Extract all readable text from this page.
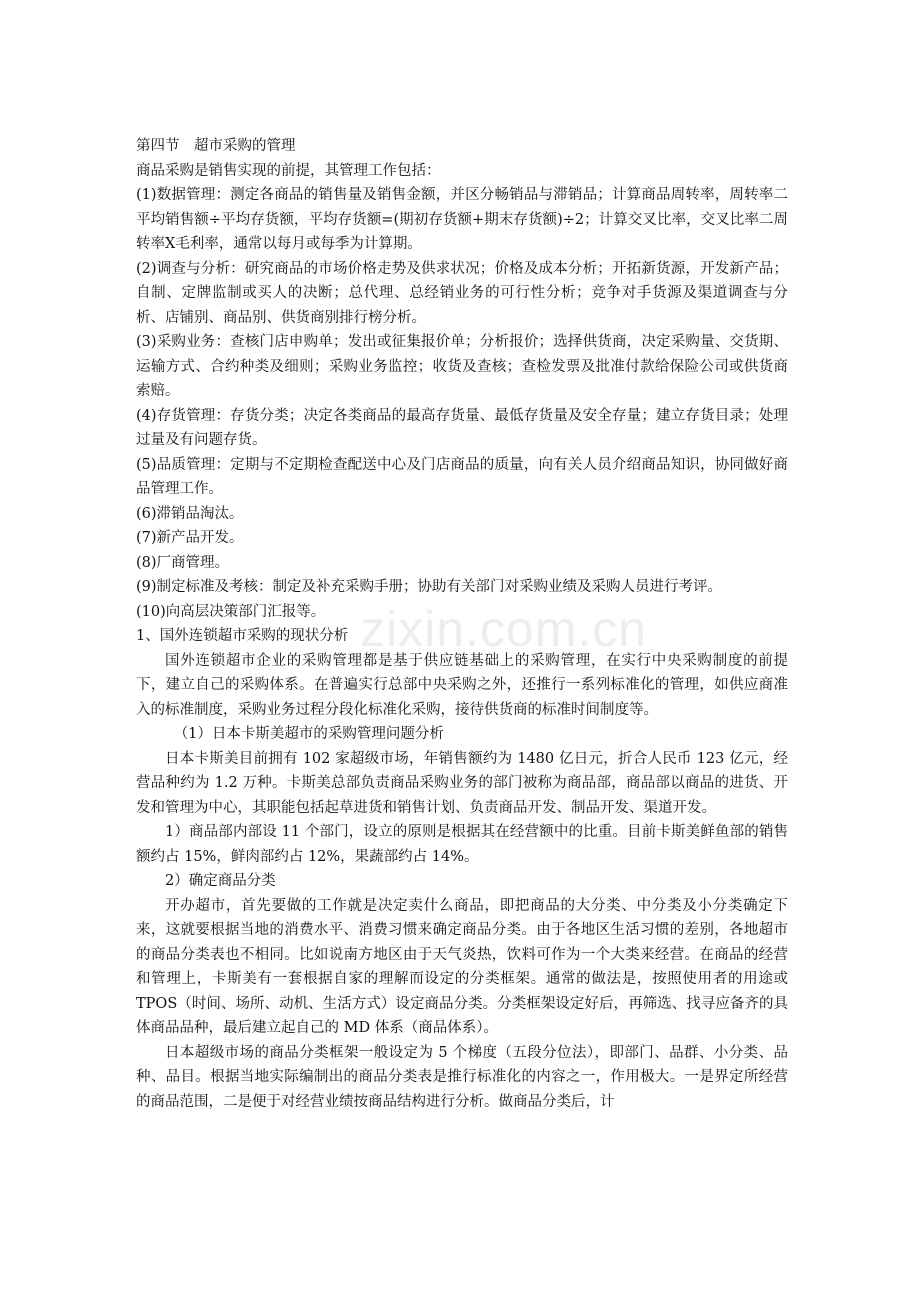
第四节　超市采购的管理

商品采购是销售实现的前提，其管理工作包括：

(1)数据管理：测定各商品的销售量及销售金额，并区分畅销品与滞销品；计算商品周转率，周转率二平均销售额÷平均存货额，平均存货额=(期初存货额+期末存货额)÷2；计算交叉比率，交叉比率二周转率X毛利率，通常以每月或每季为计算期。

(2)调查与分析：研究商品的市场价格走势及供求状况；价格及成本分析；开拓新货源，开发新产品；自制、定牌监制或买人的决断；总代理、总经销业务的可行性分析；竞争对手货源及渠道调查与分析、店铺别、商品别、供货商别排行榜分析。

(3)采购业务：查核门店申购单；发出或征集报价单；分析报价；选择供货商，决定采购量、交货期、运输方式、合约种类及细则；采购业务监控；收货及查核；查检发票及批准付款给保险公司或供货商索赔。

(4)存货管理：存货分类；决定各类商品的最高存货量、最低存货量及安全存量；建立存货目录；处理过量及有问题存货。

(5)品质管理：定期与不定期检查配送中心及门店商品的质量，向有关人员介绍商品知识，协同做好商品管理工作。

(6)滞销品淘汰。

(7)新产品开发。

(8)厂商管理。

(9)制定标准及考核：制定及补充采购手册；协助有关部门对采购业绩及采购人员进行考评。

(10)向高层决策部门汇报等。

1、国外连锁超市采购的现状分析

国外连锁超市企业的采购管理都是基于供应链基础上的采购管理，在实行中央采购制度的前提下，建立自己的采购体系。在普遍实行总部中央采购之外，还推行一系列标准化的管理，如供应商准入的标准制度，采购业务过程分段化标准化采购，接待供货商的标准时间制度等。

（1）日本卡斯美超市的采购管理问题分析

日本卡斯美目前拥有 102 家超级市场，年销售额约为 1480 亿日元，折合人民币 123 亿元，经营品种约为 1.2 万种。卡斯美总部负责商品采购业务的部门被称为商品部，商品部以商品的进货、开发和管理为中心，其职能包括起草进货和销售计划、负责商品开发、制品开发、渠道开发。

1）商品部内部设 11 个部门，设立的原则是根据其在经营额中的比重。目前卡斯美鲜鱼部的销售额约占 15%，鲜肉部约占 12%，果蔬部约占 14%。

2）确定商品分类

开办超市，首先要做的工作就是决定卖什么商品，即把商品的大分类、中分类及小分类确定下来，这就要根据当地的消费水平、消费习惯来确定商品分类。由于各地区生活习惯的差别，各地超市的商品分类表也不相同。比如说南方地区由于天气炎热，饮料可作为一个大类来经营。在商品的经营和管理上，卡斯美有一套根据自家的理解而设定的分类框架。通常的做法是，按照使用者的用途或 TPOS（时间、场所、动机、生活方式）设定商品分类。分类框架设定好后，再筛选、找寻应备齐的具体商品品种，最后建立起自己的 MD 体系（商品体系）。

日本超级市场的商品分类框架一般设定为 5 个梯度（五段分位法），即部门、品群、小分类、品种、品目。根据当地实际编制出的商品分类表是推行标准化的内容之一，作用极大。一是界定所经营的商品范围，二是便于对经营业绩按商品结构进行分析。做商品分类后，计

zixin.com.cn
